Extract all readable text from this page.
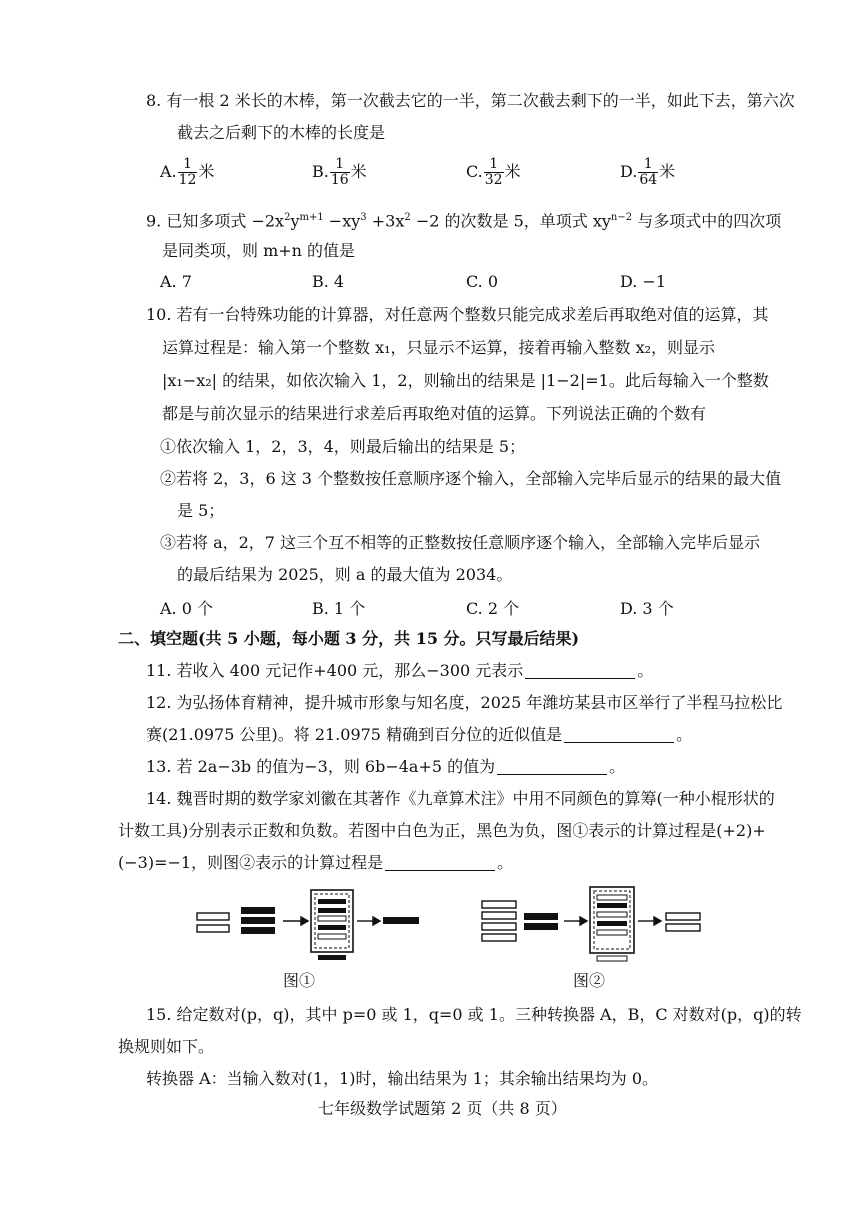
8. 有一根 2 米长的木棒，第一次截去它的一半，第二次截去剩下的一半，如此下去，第六次
截去之后剩下的木棒的长度是
A. $\frac{1}{12}$ 米	B. $\frac{1}{16}$ 米	C. $\frac{1}{32}$ 米	D. $\frac{1}{64}$ 米
9. 已知多项式 $-2x^2y^{m+1} -xy^3 +3x^2 -2$ 的次数是 5，单项式 $xy^{n-2}$ 与多项式中的四次项
是同类项，则 m+n 的值是
A. 7	B. 4	C. 0	D. −1
10. 若有一台特殊功能的计算器，对任意两个整数只能完成求差后再取绝对值的运算，其
运算过程是：输入第一个整数 x₁，只显示不运算，接着再输入整数 x₂，则显示
|x₁−x₂| 的结果，如依次输入 1，2，则输出的结果是 |1−2|=1。此后每输入一个整数
都是与前次显示的结果进行求差后再取绝对值的运算。下列说法正确的个数有
①依次输入 1，2，3，4，则最后输出的结果是 5；
②若将 2，3，6 这 3 个整数按任意顺序逐个输入，全部输入完毕后显示的结果的最大值
是 5；
③若将 a，2，7 这三个互不相等的正整数按任意顺序逐个输入，全部输入完毕后显示
的最后结果为 2025，则 a 的最大值为 2034。
A. 0 个	B. 1 个	C. 2 个	D. 3 个
二、填空题(共 5 小题，每小题 3 分，共 15 分。只写最后结果)
11. 若收入 400 元记作+400 元，那么−300 元表示	。
12. 为弘扬体育精神，提升城市形象与知名度，2025 年潍坊某县市区举行了半程马拉松比
赛(21.0975 公里)。将 21.0975 精确到百分位的近似值是	。
13. 若 2a−3b 的值为−3，则 6b−4a+5 的值为	。
14. 魏晋时期的数学家刘徽在其著作《九章算术注》中用不同颜色的算筹(一种小棍形状的
计数工具)分别表示正数和负数。若图中白色为正，黑色为负，图①表示的计算过程是(+2)+
(−3)=−1，则图②表示的计算过程是	。
图①	图②
15. 给定数对(p，q)，其中 p=0 或 1，q=0 或 1。三种转换器 A，B，C 对数对(p，q)的转
换规则如下。
转换器 A：当输入数对(1，1)时，输出结果为 1；其余输出结果均为 0。
七年级数学试题第 2 页（共 8 页）
